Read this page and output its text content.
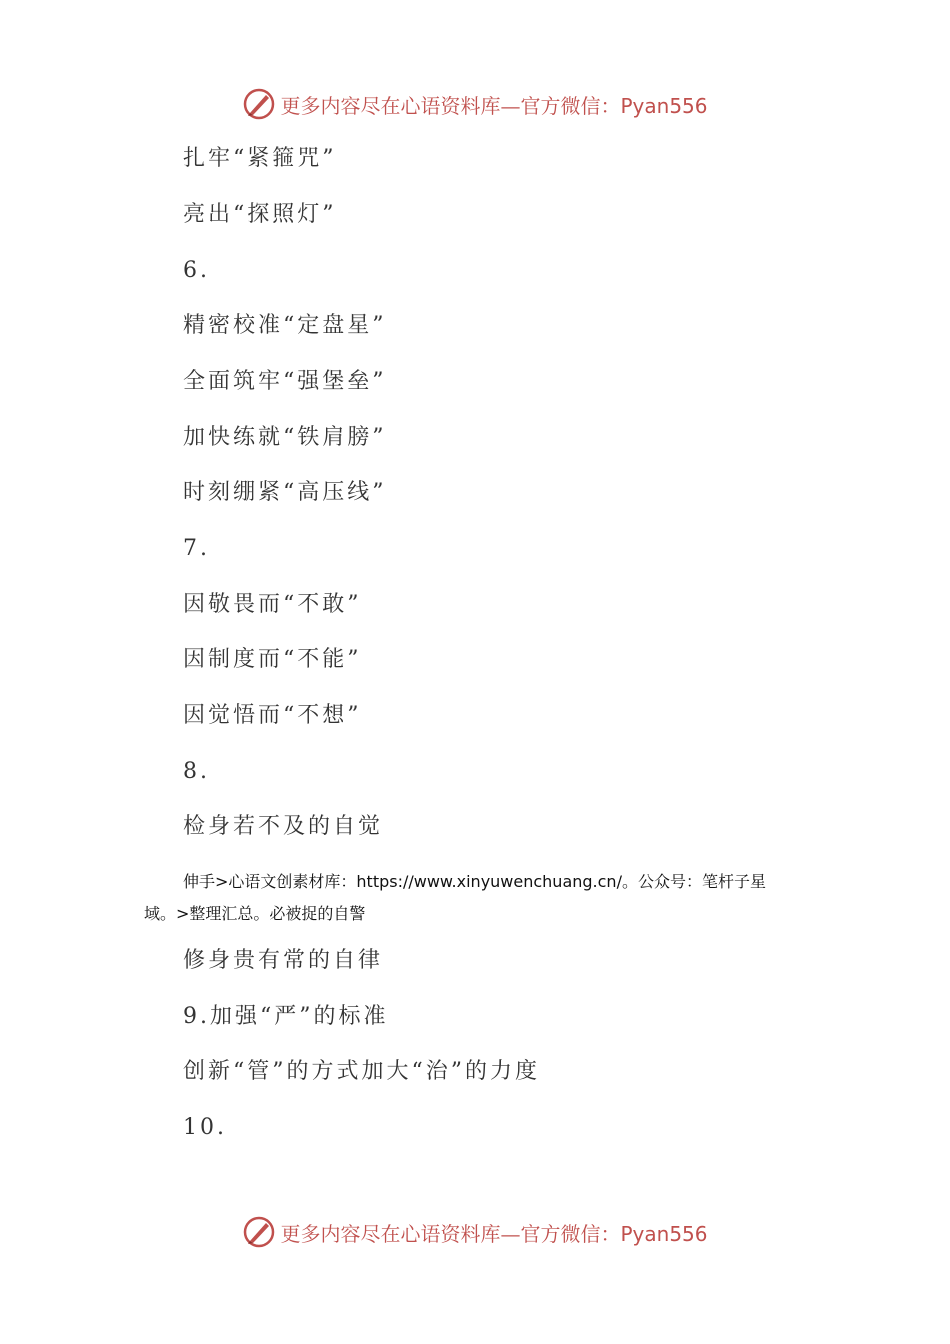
更多内容尽在心语资料库—官方微信：Pyan556
扎牢“紧箍咒”
亮出“探照灯”
6.
精密校准“定盘星”
全面筑牢“强堡垒”
加快练就“铁肩膀”
时刻绷紧“高压线”
7.
因敬畏而“不敢”
因制度而“不能”
因觉悟而“不想”
8.
检身若不及的自觉
修身贵有常的自律
9.加强“严”的标准
创新“管”的方式加大“治”的力度
10.

伸手>心语文创素材库：https://www.xinyuwenchuang.cn/。公众号：笔杆子星

域。>整理汇总。必被捉的自警

更多内容尽在心语资料库—官方微信：Pyan556
